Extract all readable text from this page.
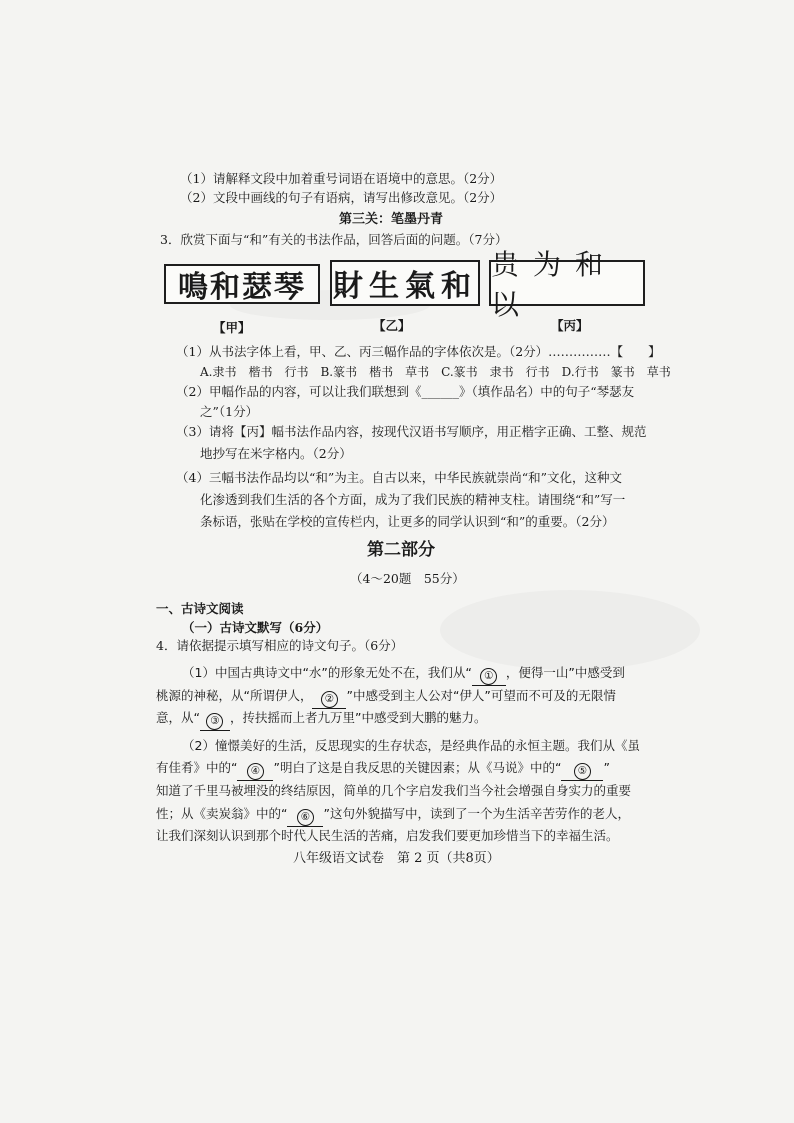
（1）请解释文段中加着重号词语在语境中的意思。（2分）
（2）文段中画线的句子有语病，请写出修改意见。（2分）
第三关：笔墨丹青
3．欣赏下面与“和”有关的书法作品，回答后面的问题。（7分）
鳴和瑟琴 財生氣和
贵为和以
【甲】	【乙】	【丙】
（1）从书法字体上看，甲、乙、丙三幅作品的字体依次是。（2分）……………【　　】
A.隶书　楷书　行书　B.篆书　楷书　草书　C.篆书　隶书　行书　D.行书　篆书　草书
（2）甲幅作品的内容，可以让我们联想到《______》（填作品名）中的句子“琴瑟友
之”（1分）
（3）请将【丙】幅书法作品内容，按现代汉语书写顺序，用正楷字正确、工整、规范
地抄写在米字格内。（2分）
（4）三幅书法作品均以“和”为主。自古以来，中华民族就崇尚“和”文化，这种文
化渗透到我们生活的各个方面，成为了我们民族的精神支柱。请围绕“和”写一
条标语，张贴在学校的宣传栏内，让更多的同学认识到“和”的重要。（2分）
第二部分
（4～20题　55分）
一、古诗文阅读
（一）古诗文默写（6分）
4．请依据提示填写相应的诗文句子。（6分）
（1）中国古典诗文中“水”的形象无处不在，我们从“ ① ，便得一山”中感受到
桃源的神秘，从“所谓伊人， ② ”中感受到主人公对“伊人”可望而不可及的无限情
意，从“ ③ ，抟扶摇而上者九万里”中感受到大鹏的魅力。
（2）憧憬美好的生活，反思现实的生存状态，是经典作品的永恒主题。我们从《虽
有佳肴》中的“ ④ ”明白了这是自我反思的关键因素；从《马说》中的“ ⑤ ”
知道了千里马被埋没的终结原因，简单的几个字启发我们当今社会增强自身实力的重要
性；从《卖炭翁》中的“ ⑥ ”这句外貌描写中，读到了一个为生活辛苦劳作的老人，
让我们深刻认识到那个时代人民生活的苦痛，启发我们要更加珍惜当下的幸福生活。
八年级语文试卷　第 2 页（共8页）
